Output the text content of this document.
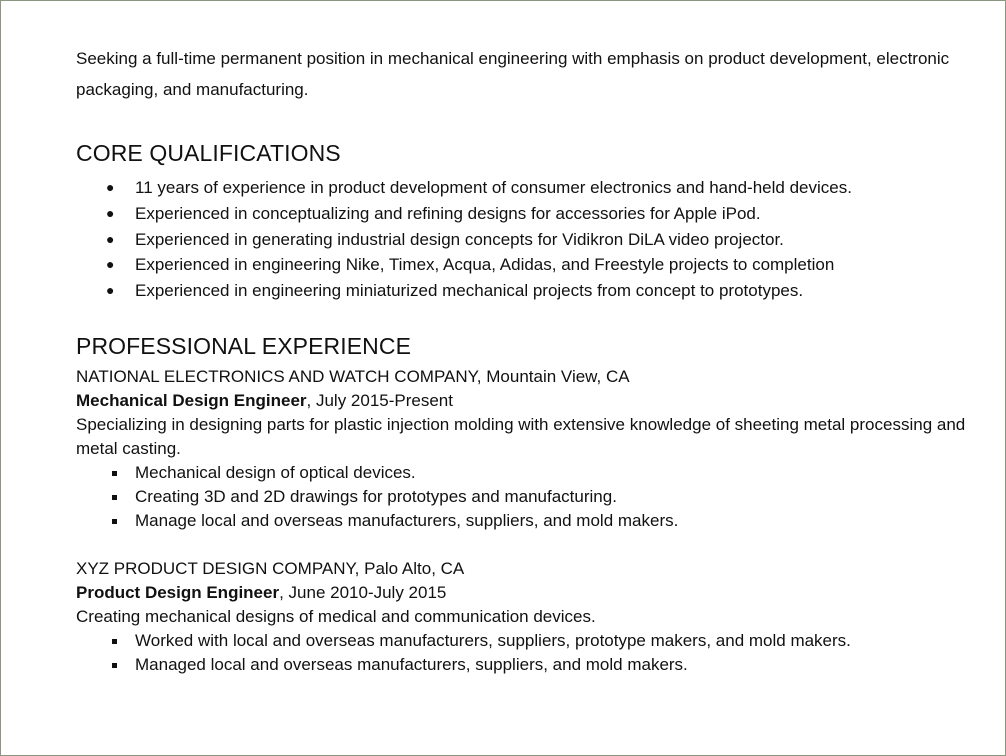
Seeking a full-time permanent position in mechanical engineering with emphasis on product development, electronic packaging, and manufacturing.

CORE QUALIFICATIONS
● 11 years of experience in product development of consumer electronics and hand-held devices.
● Experienced in conceptualizing and refining designs for accessories for Apple iPod.
● Experienced in generating industrial design concepts for Vidikron DiLA video projector.
● Experienced in engineering Nike, Timex, Acqua, Adidas, and Freestyle projects to completion
● Experienced in engineering miniaturized mechanical projects from concept to prototypes.
PROFESSIONAL EXPERIENCE

NATIONAL ELECTRONICS AND WATCH COMPANY, Mountain View, CA

Mechanical Design Engineer, July 2015-Present

Specializing in designing parts for plastic injection molding with extensive knowledge of sheeting metal processing and metal casting.

Mechanical design of optical devices.
Creating 3D and 2D drawings for prototypes and manufacturing.
Manage local and overseas manufacturers, suppliers, and mold makers.

XYZ PRODUCT DESIGN COMPANY, Palo Alto, CA

Product Design Engineer, June 2010-July 2015

Creating mechanical designs of medical and communication devices.

Worked with local and overseas manufacturers, suppliers, prototype makers, and mold makers.
Managed local and overseas manufacturers, suppliers, and mold makers.
